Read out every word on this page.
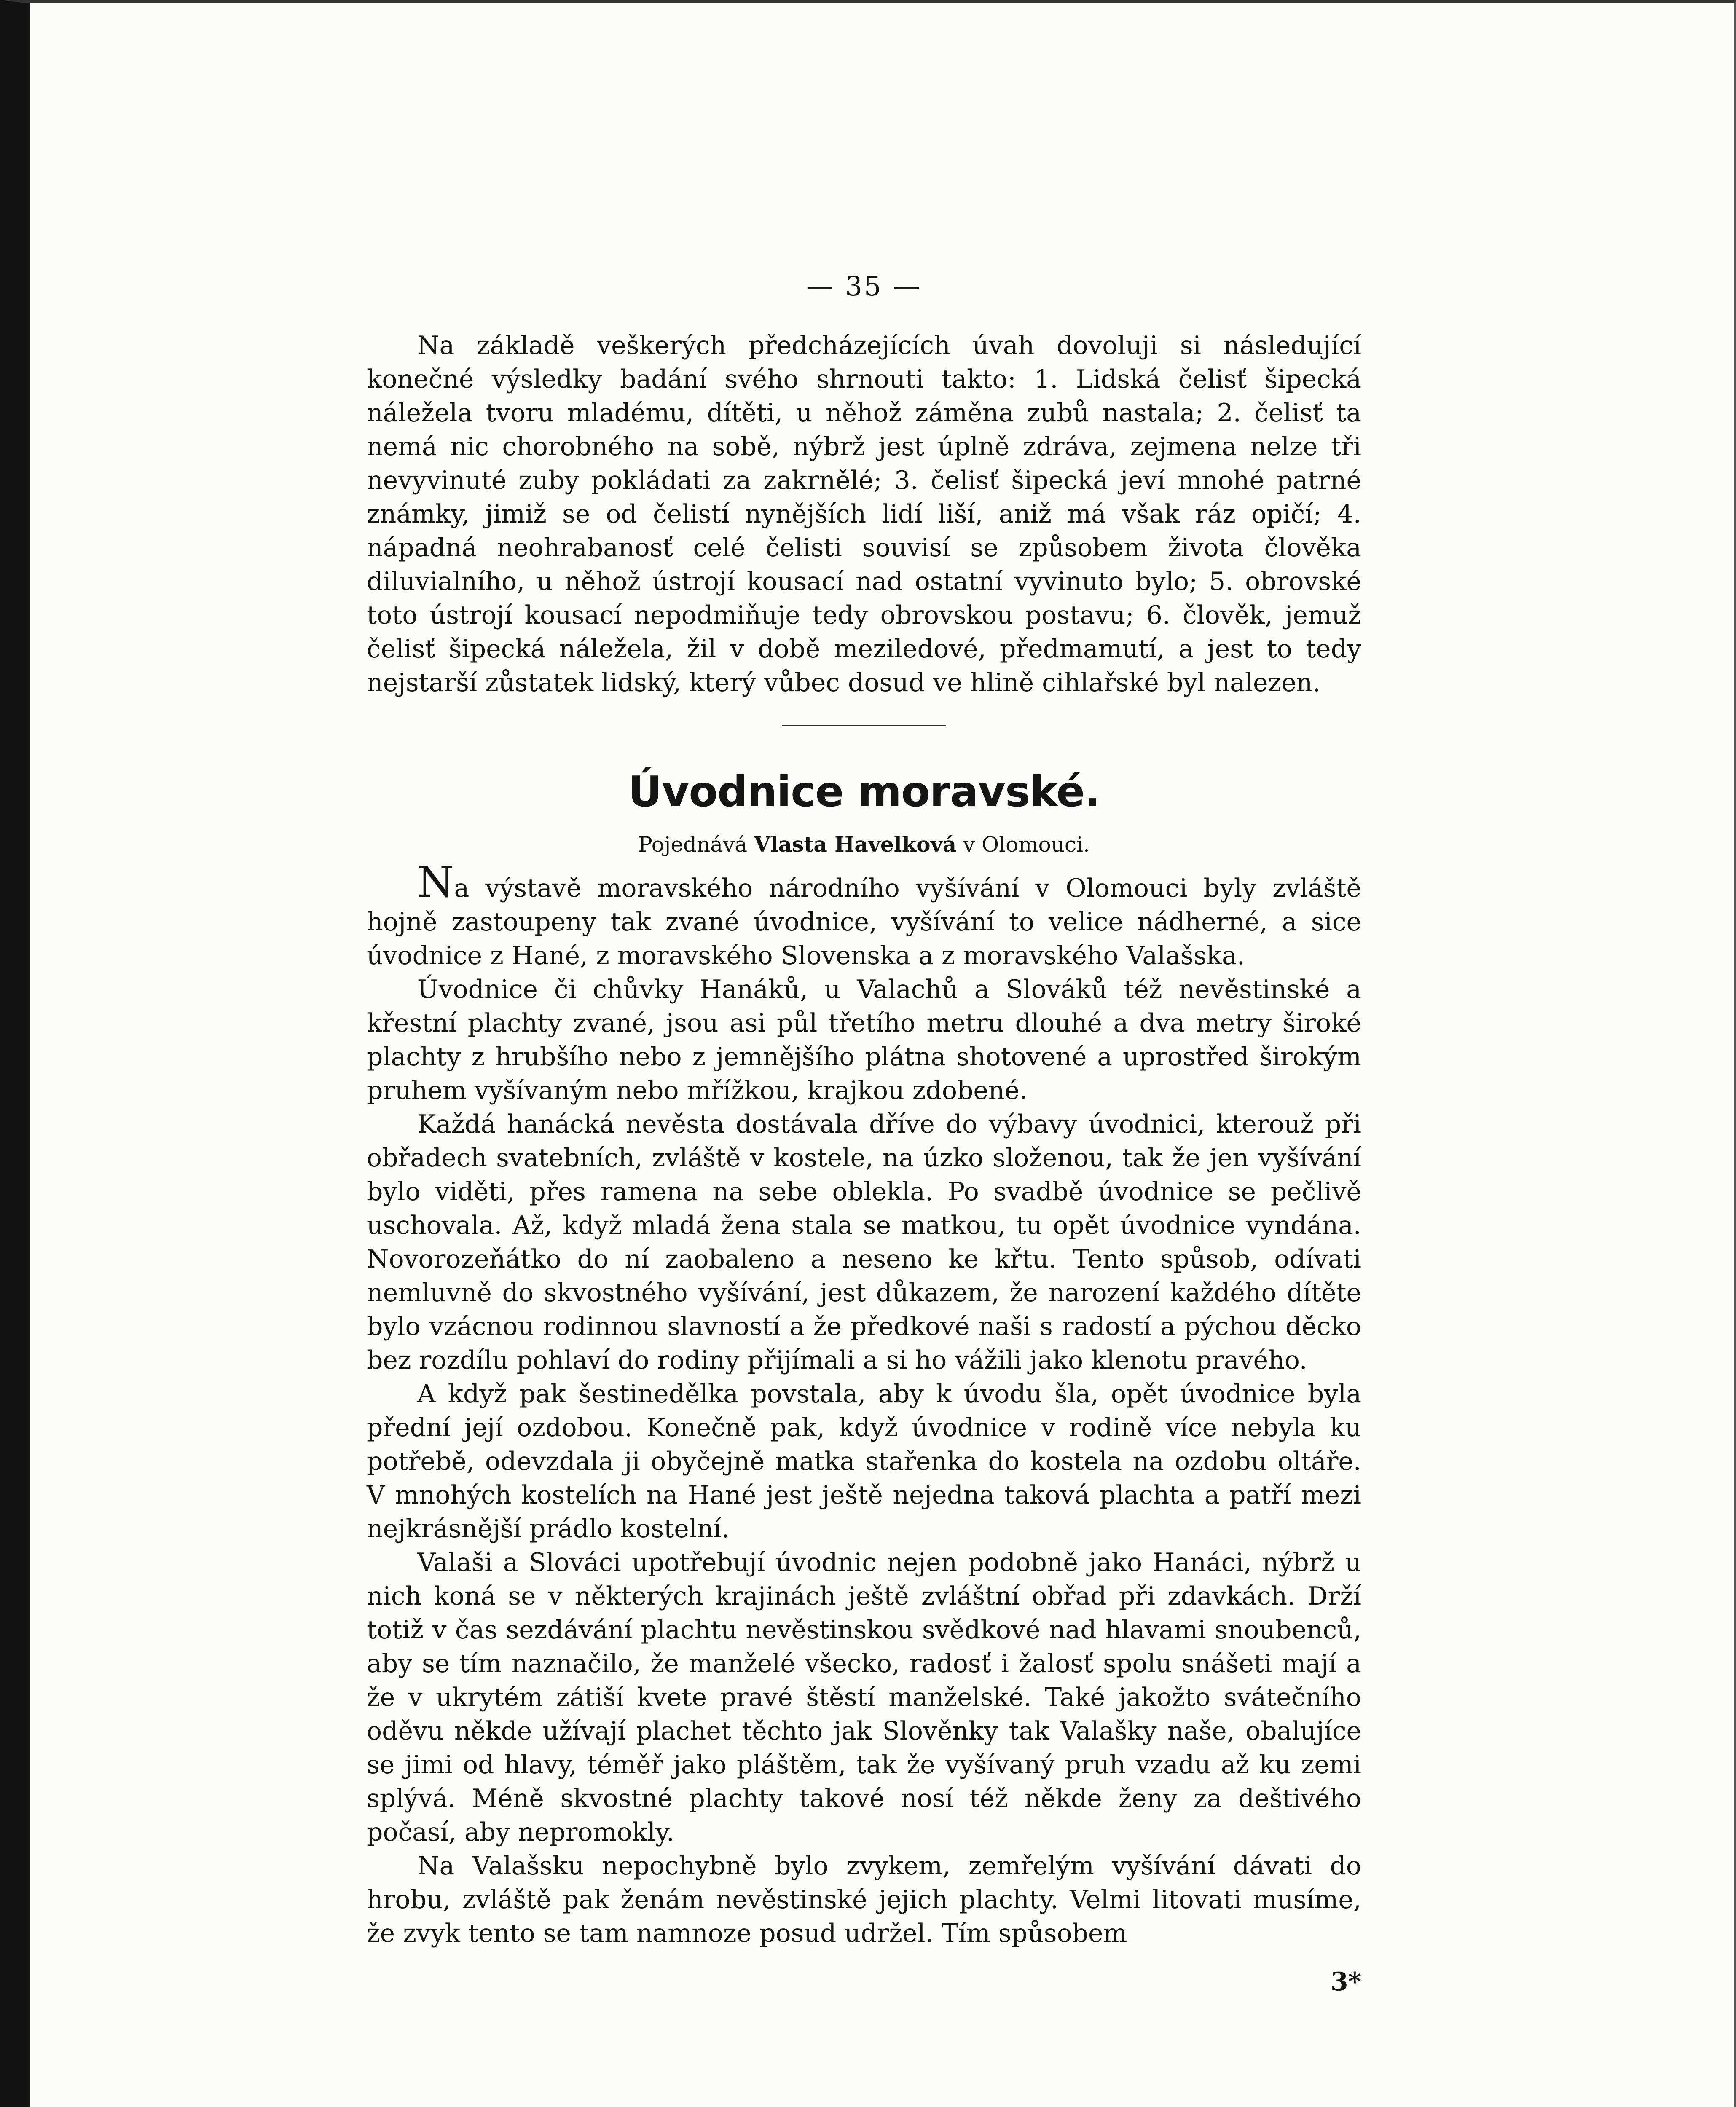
— 35 —

Na základě veškerých předcházejících úvah dovoluji si následující konečné výsledky badání svého shrnouti takto: 1. Lidská čelisť šipecká náležela tvoru mladému, dítěti, u něhož záměna zubů nastala; 2. čelisť ta nemá nic chorobného na sobě, nýbrž jest úplně zdráva, zejmena nelze tři nevyvinuté zuby pokládati za zakrnělé; 3. čelisť šipecká jeví mnohé patrné známky, jimiž se od čelistí nynějších lidí liší, aniž má však ráz opičí; 4. nápadná neohrabanosť celé čelisti souvisí se způsobem života člověka diluvialního, u něhož ústrojí kousací nad ostatní vyvinuto bylo; 5. obrovské toto ústrojí kousací nepodmiňuje tedy obrovskou postavu; 6. člověk, jemuž čelisť šipecká náležela, žil v době meziledové, předmamutí, a jest to tedy nejstarší zůstatek lidský, který vůbec dosud ve hlině cihlařské byl nalezen.

Úvodnice moravské.
Pojednává Vlasta Havelková v Olomouci.

Na výstavě moravského národního vyšívání v Olomouci byly zvláště hojně zastoupeny tak zvané úvodnice, vyšívání to velice nádherné, a sice úvodnice z Hané, z moravského Slovenska a z moravského Valašska.

Úvodnice či chůvky Hanáků, u Valachů a Slováků též nevěstinské a křestní plachty zvané, jsou asi půl třetího metru dlouhé a dva metry široké plachty z hrubšího nebo z jemnějšího plátna shotovené a uprostřed širokým pruhem vyšívaným nebo mřížkou, krajkou zdobené.

Každá hanácká nevěsta dostávala dříve do výbavy úvodnici, kterouž při obřadech svatebních, zvláště v kostele, na úzko složenou, tak že jen vyšívání bylo viděti, přes ramena na sebe oblekla. Po svadbě úvodnice se pečlivě uschovala. Až, když mladá žena stala se matkou, tu opět úvodnice vyndána. Novorozeňátko do ní zaobaleno a neseno ke křtu. Tento spůsob, odívati nemluvně do skvostného vyšívání, jest důkazem, že narození každého dítěte bylo vzácnou rodinnou slavností a že předkové naši s radostí a pýchou děcko bez rozdílu pohlaví do rodiny přijímali a si ho vážili jako klenotu pravého.

A když pak šestinedělka povstala, aby k úvodu šla, opět úvodnice byla přední její ozdobou. Konečně pak, když úvodnice v rodině více nebyla ku potřebě, odevzdala ji obyčejně matka stařenka do kostela na ozdobu oltáře. V mnohých kostelích na Hané jest ještě nejedna taková plachta a patří mezi nejkrásnější prádlo kostelní.

Valaši a Slováci upotřebují úvodnic nejen podobně jako Hanáci, nýbrž u nich koná se v některých krajinách ještě zvláštní obřad při zdavkách. Drží totiž v čas sezdávání plachtu nevěstinskou svědkové nad hlavami snoubenců, aby se tím naznačilo, že manželé všecko, radosť i žalosť spolu snášeti mají a že v ukrytém zátiší kvete pravé štěstí manželské. Také jakožto svátečního oděvu někde užívají plachet těchto jak Slověnky tak Valašky naše, obalujíce se jimi od hlavy, téměř jako pláštěm, tak že vyšívaný pruh vzadu až ku zemi splývá. Méně skvostné plachty takové nosí též někde ženy za deštivého počasí, aby nepromokly.

Na Valašsku nepochybně bylo zvykem, zemřelým vyšívání dávati do hrobu, zvláště pak ženám nevěstinské jejich plachty. Velmi litovati musíme, že zvyk tento se tam namnoze posud udržel. Tím spůsobem

3*
